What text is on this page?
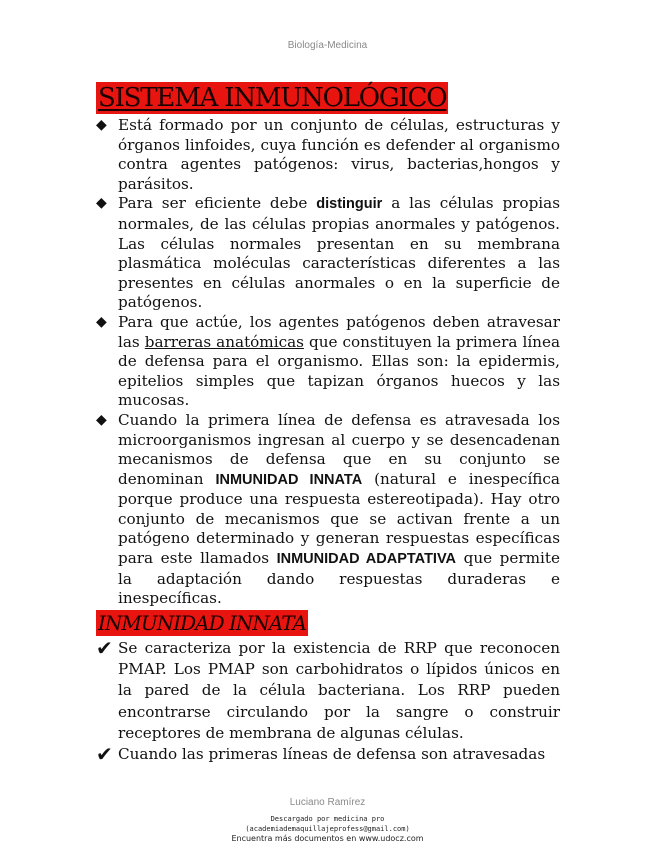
Biología-Medicina
SISTEMA INMUNOLÓGICO
◆ Está formado por un conjunto de células, estructuras y órganos linfoides, cuya función es defender al organismo contra agentes patógenos: virus, bacterias,hongos y parásitos.
◆ Para ser eficiente debe distinguir a las células propias normales, de las células propias anormales y patógenos. Las células normales presentan en su membrana plasmática moléculas características diferentes a las presentes en células anormales o en la superficie de patógenos.
◆ Para que actúe, los agentes patógenos deben atravesar las barreras anatómicas que constituyen la primera línea de defensa para el organismo. Ellas son: la epidermis, epitelios simples que tapizan órganos huecos y las mucosas.
◆ Cuando la primera línea de defensa es atravesada los microorganismos ingresan al cuerpo y se desencadenan mecanismos de defensa que en su conjunto se denominan INMUNIDAD INNATA (natural e inespecífica porque produce una respuesta estereotipada). Hay otro conjunto de mecanismos que se activan frente a un patógeno determinado y generan respuestas específicas para este llamados INMUNIDAD ADAPTATIVA que permite la adaptación dando respuestas duraderas e inespecíficas.
INMUNIDAD INNATA
✔ Se caracteriza por la existencia de RRP que reconocen PMAP. Los PMAP son carbohidratos o lípidos únicos en la pared de la célula bacteriana. Los RRP pueden encontrarse circulando por la sangre o construir receptores de membrana de algunas células.
✔ Cuando las primeras líneas de defensa son atravesadas
Luciano Ramírez
Descargado por medicina pro
(academiademaquillajeprofess@gmail.com)
Encuentra más documentos en www.udocz.com
